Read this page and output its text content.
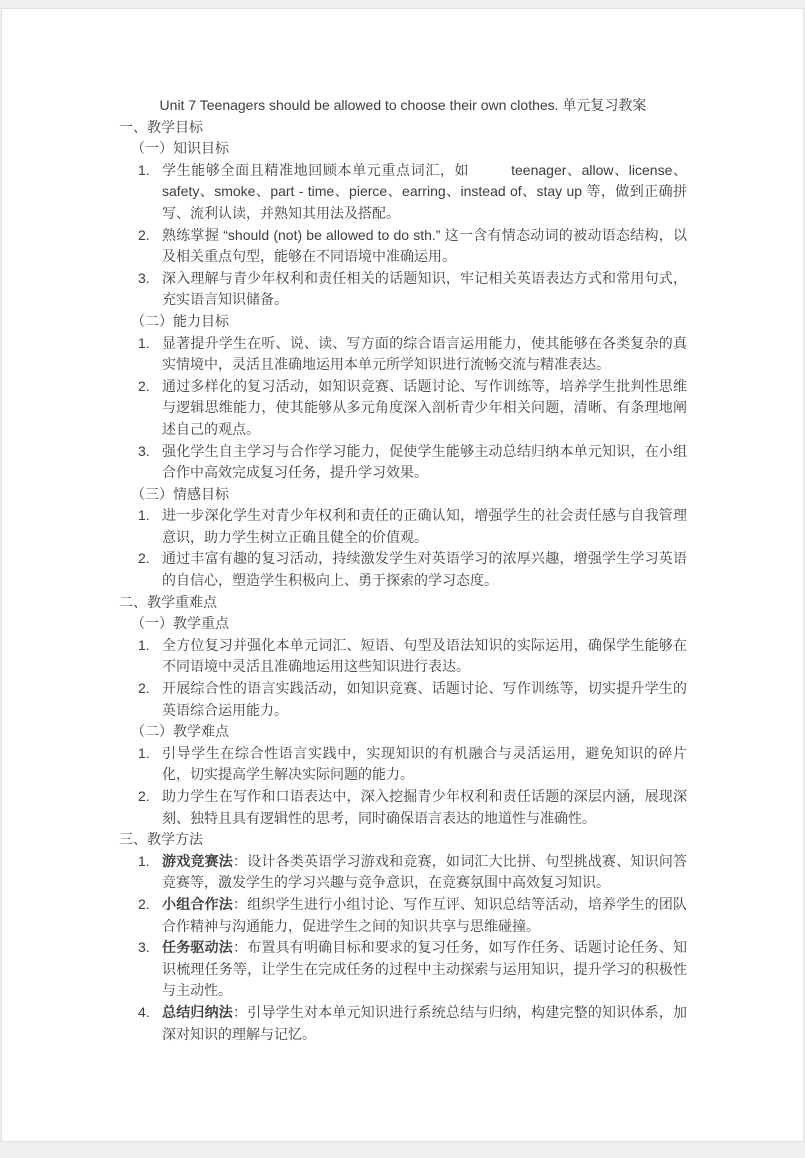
Unit 7 Teenagers should be allowed to choose their own clothes. 单元复习教案
一、教学目标
（一）知识目标
1. 学生能够全面且精准地回顾本单元重点词汇，如   teenager、allow、license、safety、smoke、part - time、pierce、earring、instead of、stay up 等，做到正确拼写、流利认读，并熟知其用法及搭配。
2. 熟练掌握 “should (not) be allowed to do sth.” 这一含有情态动词的被动语态结构，以及相关重点句型，能够在不同语境中准确运用。
3. 深入理解与青少年权利和责任相关的话题知识，牢记相关英语表达方式和常用句式，充实语言知识储备。
（二）能力目标
1. 显著提升学生在听、说、读、写方面的综合语言运用能力，使其能够在各类复杂的真实情境中，灵活且准确地运用本单元所学知识进行流畅交流与精准表达。
2. 通过多样化的复习活动，如知识竞赛、话题讨论、写作训练等，培养学生批判性思维与逻辑思维能力，使其能够从多元角度深入剖析青少年相关问题，清晰、有条理地阐述自己的观点。
3. 强化学生自主学习与合作学习能力，促使学生能够主动总结归纳本单元知识，在小组合作中高效完成复习任务，提升学习效果。
（三）情感目标
1. 进一步深化学生对青少年权利和责任的正确认知，增强学生的社会责任感与自我管理意识，助力学生树立正确且健全的价值观。
2. 通过丰富有趣的复习活动，持续激发学生对英语学习的浓厚兴趣，增强学生学习英语的自信心，塑造学生积极向上、勇于探索的学习态度。
二、教学重难点
（一）教学重点
1. 全方位复习并强化本单元词汇、短语、句型及语法知识的实际运用，确保学生能够在不同语境中灵活且准确地运用这些知识进行表达。
2. 开展综合性的语言实践活动，如知识竞赛、话题讨论、写作训练等，切实提升学生的英语综合运用能力。
（二）教学难点
1. 引导学生在综合性语言实践中，实现知识的有机融合与灵活运用，避免知识的碎片化，切实提高学生解决实际问题的能力。
2. 助力学生在写作和口语表达中，深入挖掘青少年权利和责任话题的深层内涵，展现深刻、独特且具有逻辑性的思考，同时确保语言表达的地道性与准确性。
三、教学方法
1. 游戏竞赛法：设计各类英语学习游戏和竞赛，如词汇大比拼、句型挑战赛、知识问答竞赛等，激发学生的学习兴趣与竞争意识，在竞赛氛围中高效复习知识。
2. 小组合作法：组织学生进行小组讨论、写作互评、知识总结等活动，培养学生的团队合作精神与沟通能力，促进学生之间的知识共享与思维碰撞。
3. 任务驱动法：布置具有明确目标和要求的复习任务，如写作任务、话题讨论任务、知识梳理任务等，让学生在完成任务的过程中主动探索与运用知识，提升学习的积极性与主动性。
4. 总结归纳法：引导学生对本单元知识进行系统总结与归纳，构建完整的知识体系，加深对知识的理解与记忆。
